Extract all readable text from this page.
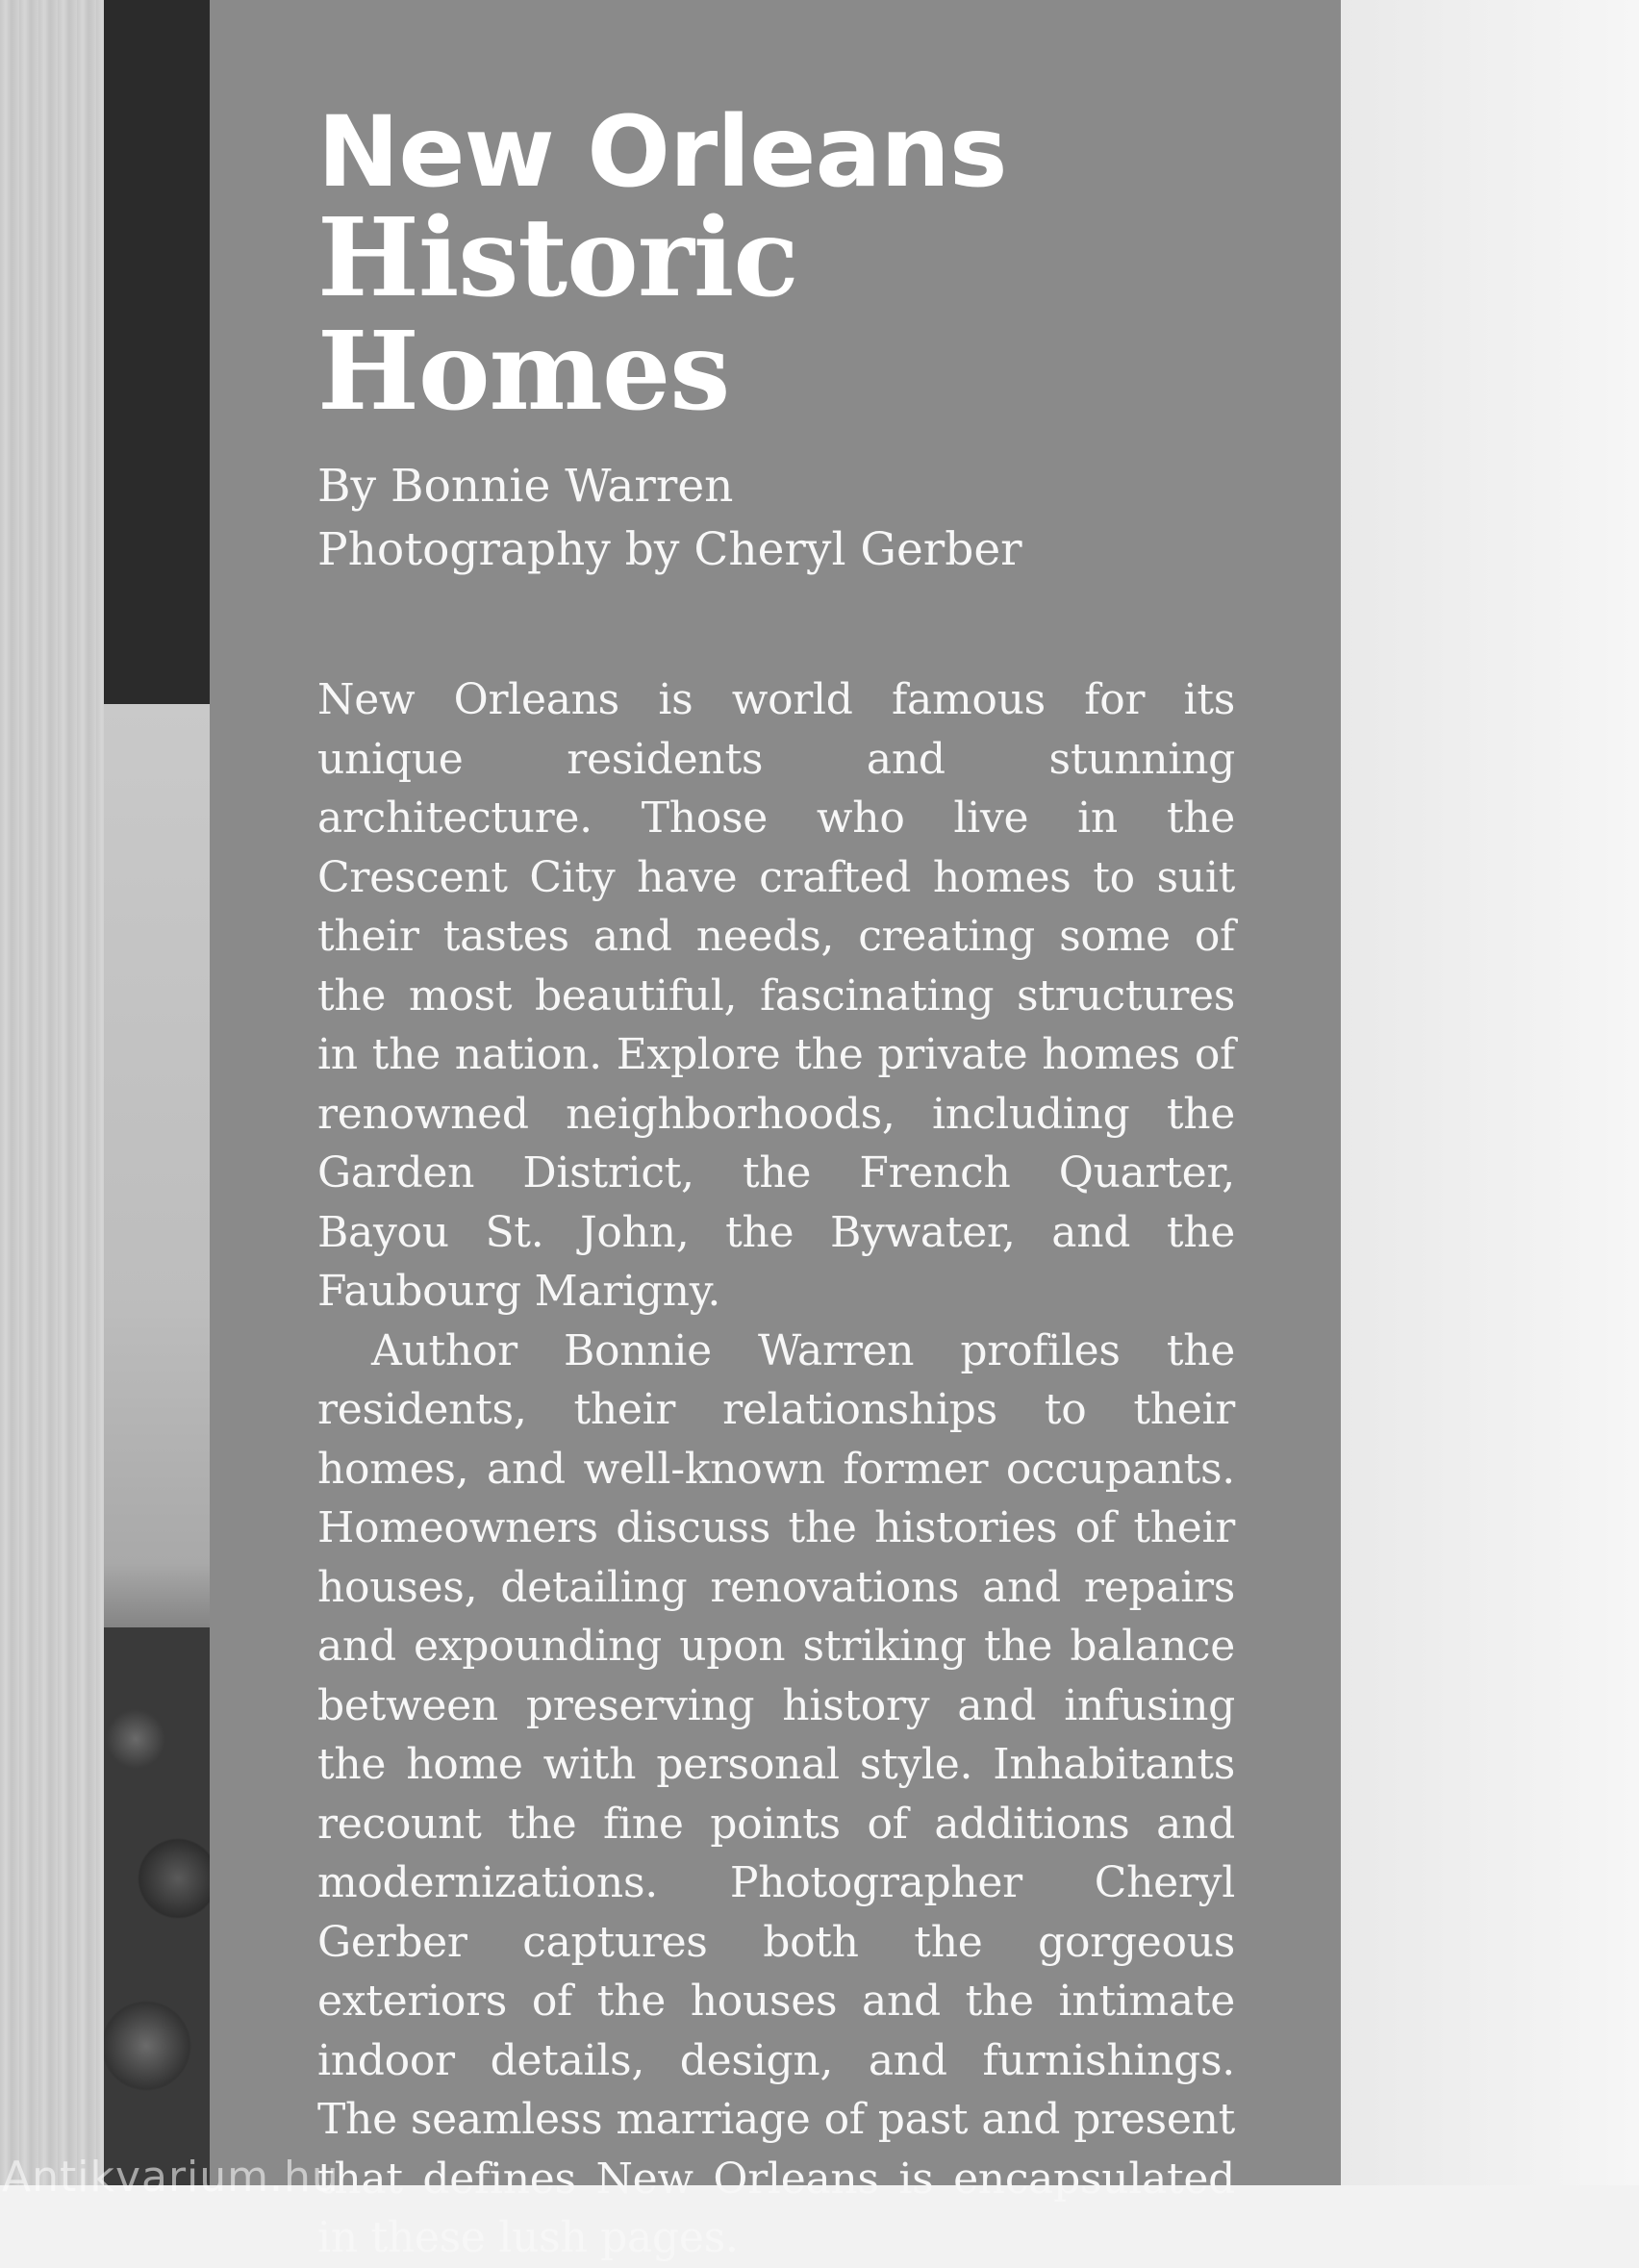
New Orleans
Historic Homes
By Bonnie Warren
Photography by Cheryl Gerber

New Orleans is world famous for its unique residents and stunning architecture. Those who live in the Crescent City have crafted homes to suit their tastes and needs, creating some of the most beautiful, fascinating structures in the nation. Explore the private homes of renowned neighborhoods, including the Garden District, the French Quarter, Bayou St. John, the Bywater, and the Faubourg Marigny.

Author Bonnie Warren profiles the residents, their relationships to their homes, and well-known former occupants. Homeowners discuss the histories of their houses, detailing renovations and repairs and expounding upon striking the balance between preserving history and infusing the home with personal style. Inhabitants recount the fine points of additions and modernizations. Photographer Cheryl Gerber captures both the gorgeous exteriors of the houses and the intimate indoor details, design, and furnishings. The seamless marriage of past and present that defines New Orleans is encapsulated in these lush pages.

Antikvarium.hu
